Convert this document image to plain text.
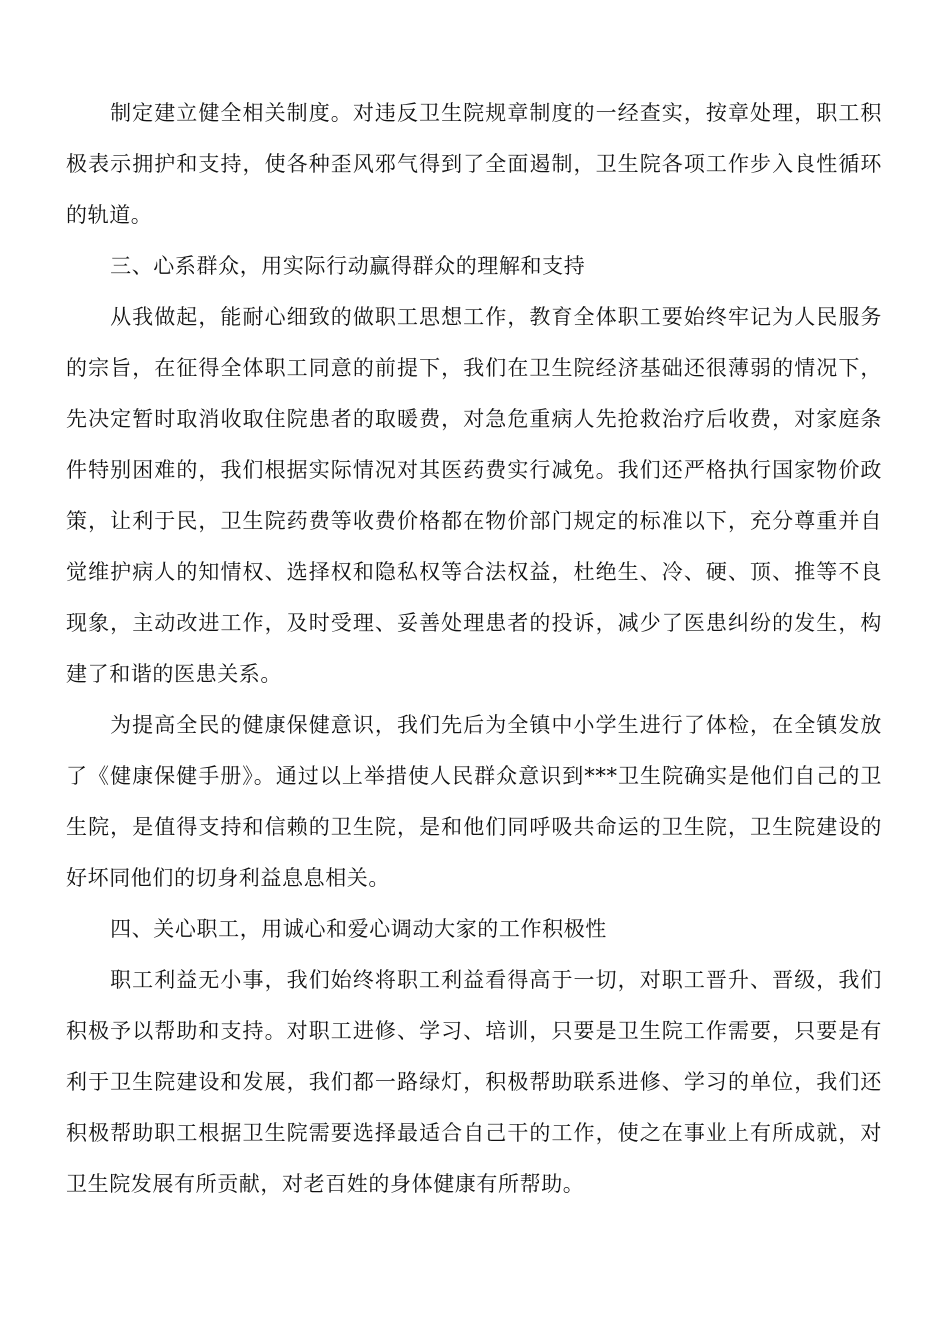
制定建立健全相关制度。对违反卫生院规章制度的一经查实，按章处理，职工积极表示拥护和支持，使各种歪风邪气得到了全面遏制，卫生院各项工作步入良性循环的轨道。

三、心系群众，用实际行动赢得群众的理解和支持

从我做起，能耐心细致的做职工思想工作，教育全体职工要始终牢记为人民服务的宗旨，在征得全体职工同意的前提下，我们在卫生院经济基础还很薄弱的情况下，先决定暂时取消收取住院患者的取暖费，对急危重病人先抢救治疗后收费，对家庭条件特别困难的，我们根据实际情况对其医药费实行减免。我们还严格执行国家物价政策，让利于民，卫生院药费等收费价格都在物价部门规定的标准以下，充分尊重并自觉维护病人的知情权、选择权和隐私权等合法权益，杜绝生、冷、硬、顶、推等不良现象，主动改进工作，及时受理、妥善处理患者的投诉，减少了医患纠纷的发生，构建了和谐的医患关系。

为提高全民的健康保健意识，我们先后为全镇中小学生进行了体检，在全镇发放了《健康保健手册》。通过以上举措使人民群众意识到***卫生院确实是他们自己的卫生院，是值得支持和信赖的卫生院，是和他们同呼吸共命运的卫生院，卫生院建设的好坏同他们的切身利益息息相关。

四、关心职工，用诚心和爱心调动大家的工作积极性

职工利益无小事，我们始终将职工利益看得高于一切，对职工晋升、晋级，我们积极予以帮助和支持。对职工进修、学习、培训，只要是卫生院工作需要，只要是有利于卫生院建设和发展，我们都一路绿灯，积极帮助联系进修、学习的单位，我们还积极帮助职工根据卫生院需要选择最适合自己干的工作，使之在事业上有所成就，对卫生院发展有所贡献，对老百姓的身体健康有所帮助。
